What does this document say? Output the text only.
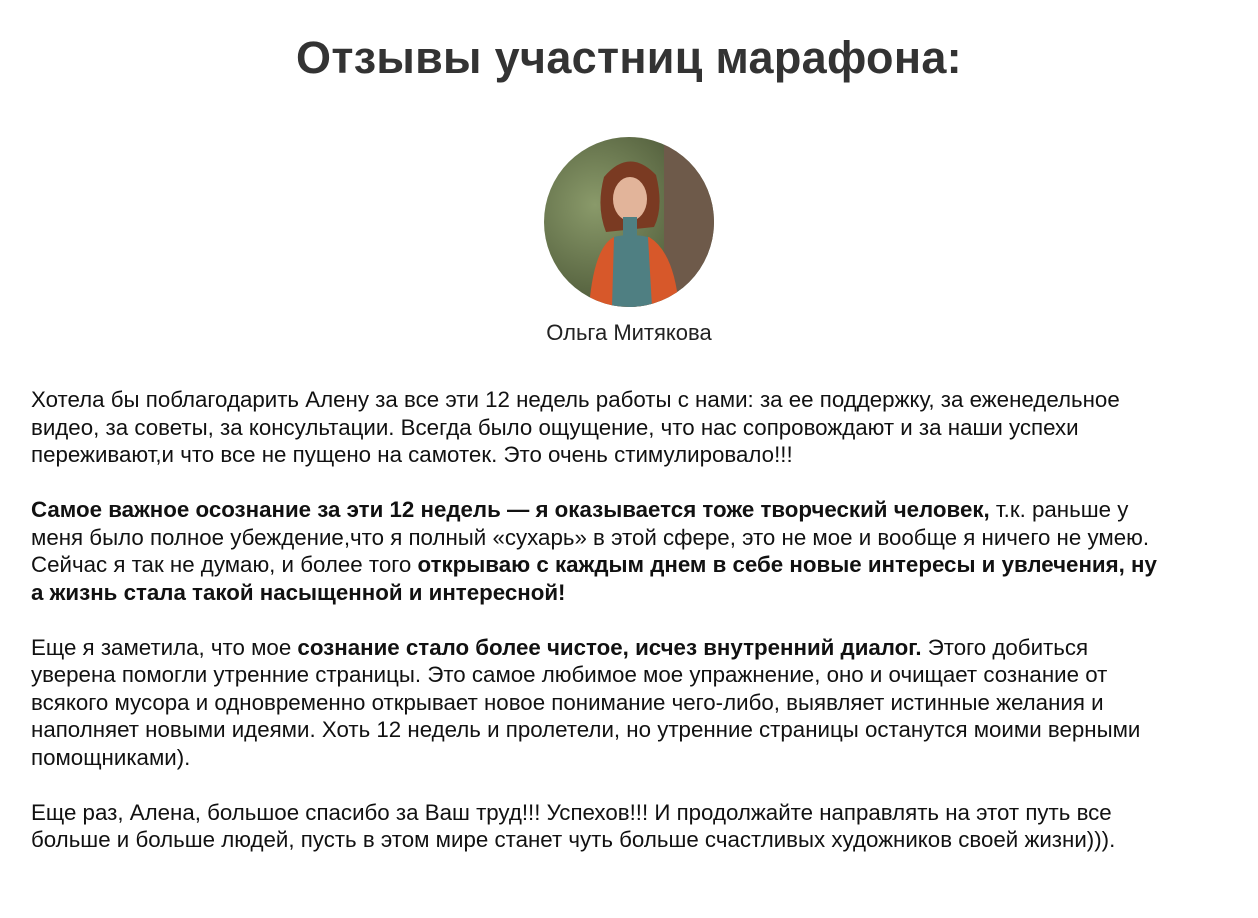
Отзывы участниц марафона:
Ольга Митякова

Хотела бы поблагодарить Алену за все эти 12 недель работы с нами: за ее поддержку, за еженедельное
видео, за советы, за консультации. Всегда было ощущение, что нас сопровождают и за наши успехи
переживают,и что все не пущено на самотек. Это очень стимулировало!!!

Самое важное осознание за эти 12 недель — я оказывается тоже творческий человек, т.к. раньше у
меня было полное убеждение,что я полный «сухарь» в этой сфере, это не мое и вообще я ничего не умею.
Сейчас я так не думаю, и более того открываю с каждым днем в себе новые интересы и увлечения, ну
а жизнь стала такой насыщенной и интересной!

Еще я заметила, что мое сознание стало более чистое, исчез внутренний диалог. Этого добиться
уверена помогли утренние страницы. Это самое любимое мое упражнение, оно и очищает сознание от
всякого мусора и одновременно открывает новое понимание чего-либо, выявляет истинные желания и
наполняет новыми идеями. Хоть 12 недель и пролетели, но утренние страницы останутся моими верными
помощниками).

Еще раз, Алена, большое спасибо за Ваш труд!!! Успехов!!! И продолжайте направлять на этот путь все
больше и больше людей, пусть в этом мире станет чуть больше счастливых художников своей жизни))).
